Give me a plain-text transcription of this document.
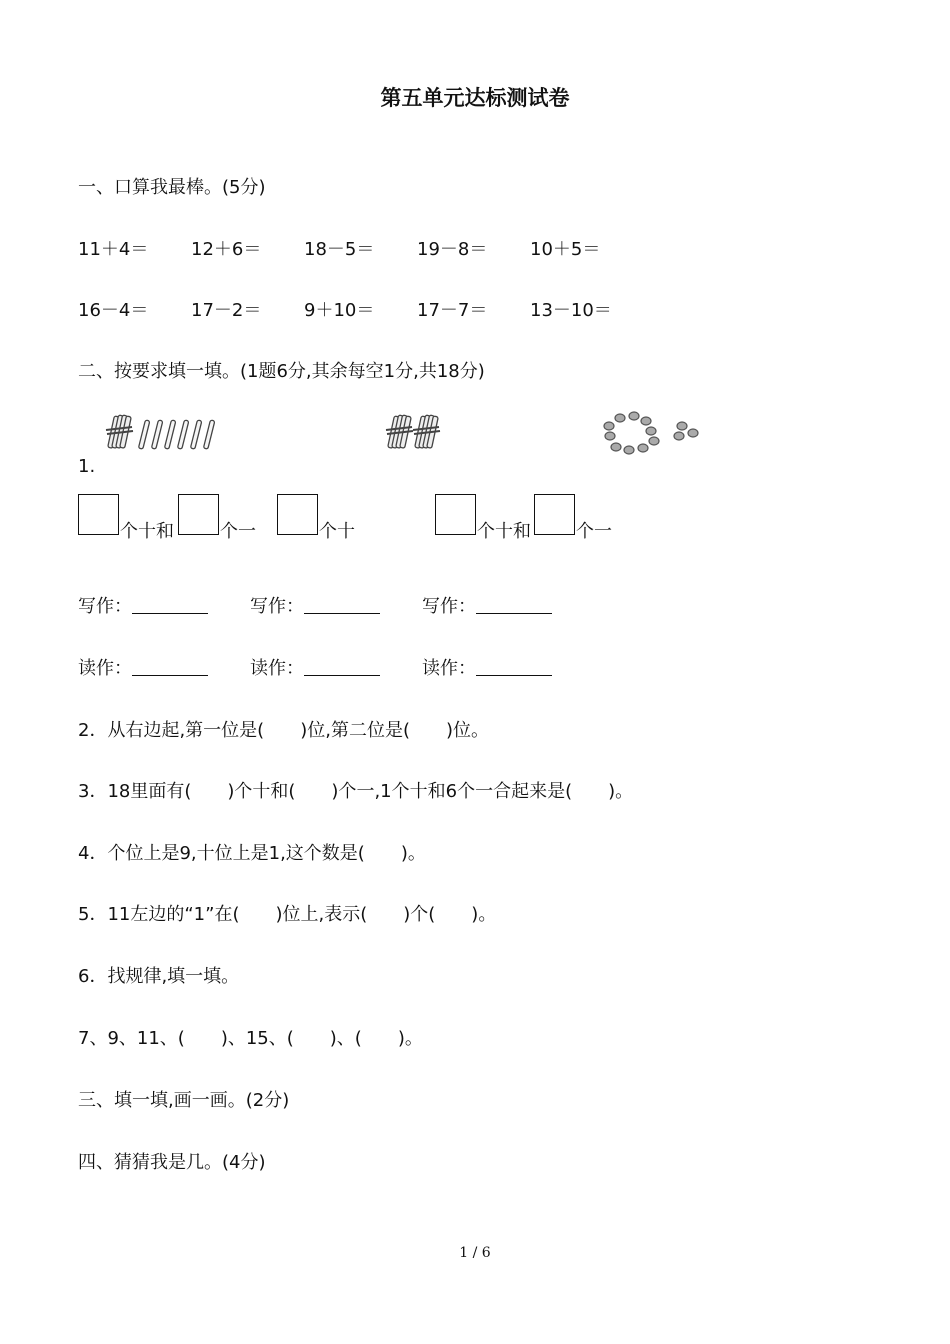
第五单元达标测试卷
一、口算我最棒。(5分)
11＋4＝ 12＋6＝ 18－5＝ 19－8＝ 10＋5＝
16－4＝ 17－2＝ 9＋10＝ 17－7＝ 13－10＝
二、按要求填一填。(1题6分,其余每空1分,共18分)
1.
个十和	个一	个十	个十和	个一
写作：	写作：	写作：
读作：	读作：	读作：
2．从右边起,第一位是(　　)位,第二位是(　　)位。
3．18里面有(　　)个十和(　　)个一,1个十和6个一合起来是(　　)。
4．个位上是9,十位上是1,这个数是(　　)。
5．11左边的“1”在(　　)位上,表示(　　)个(　　)。
6．找规律,填一填。
7、9、11、(　　)、15、(　　)、(　　)。
三、填一填,画一画。(2分)
四、猜猜我是几。(4分)
1 / 6
